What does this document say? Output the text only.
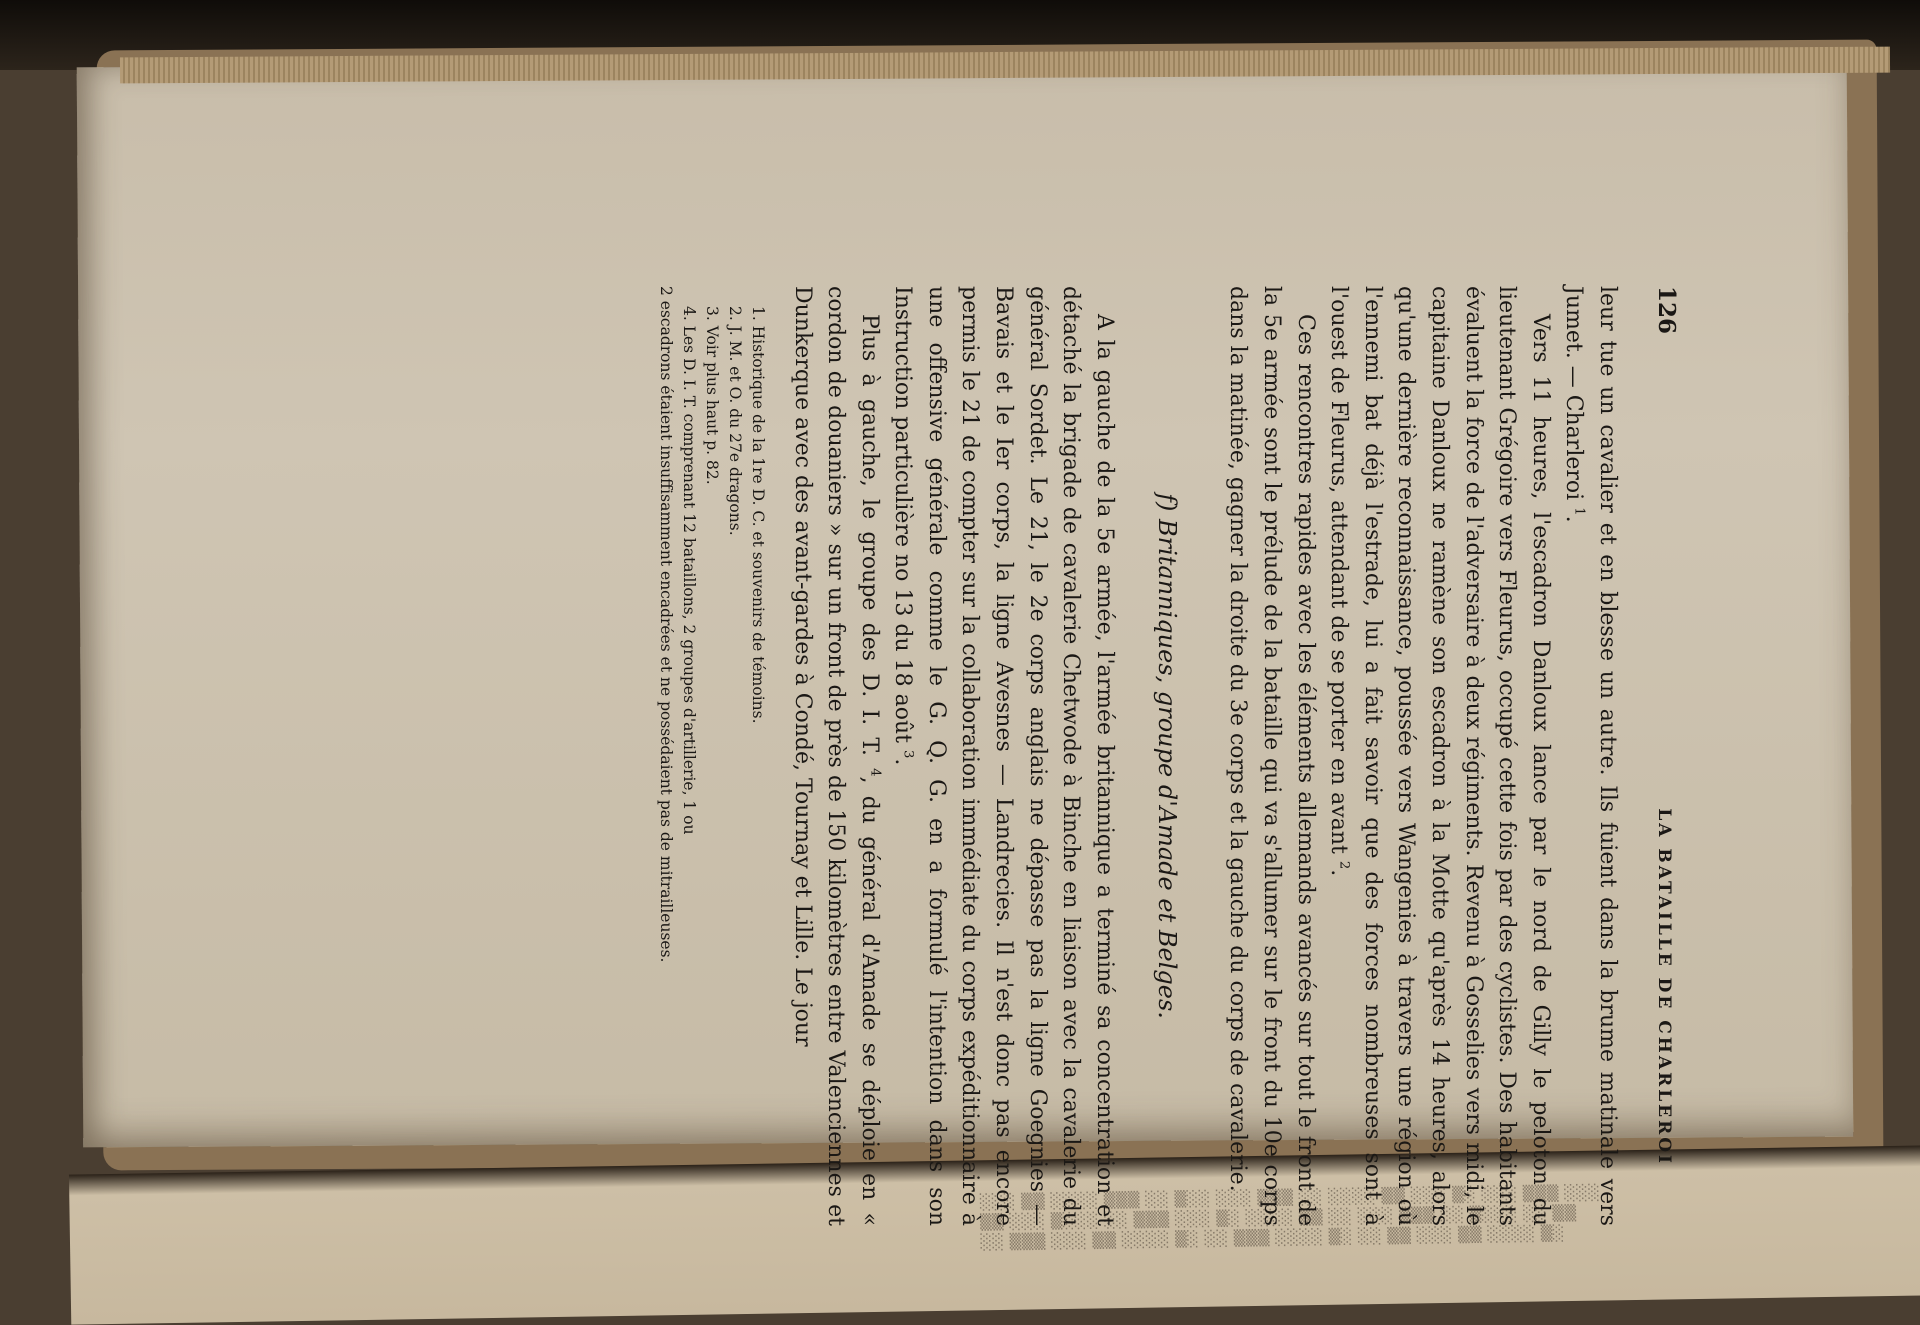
░░░ ▒▒ ░░░░ ▒▒▒ ░░ ▒░░ ░░░ ▒▒▒ ░░ ░░░░ ▒▒ ░░░ ▒░ ░░░ ▒▒▒ ░░░
▒▒ ░░░ ▒░░░ ░░ ▒▒▒ ░░░ ▒░ ░░░░ ▒▒ ░░ ░░░ ▒▒▒ ░░ ▒░░░ ░░ ▒▒
░░ ▒▒▒ ░░░ ▒▒ ░░░░ ▒░ ░░ ▒▒▒ ░░░░ ▒░ ░░ ▒▒ ░░░ ▒▒ ░░░░ ▒░
126
LA BATAILLE DE CHARLEROI

leur tue un cavalier et en blesse un autre. Ils fuient dans la brume matinale vers Jumet. — Charleroi $^1$.

Vers 11 heures, l'escadron Danloux lance par le nord de Gilly le peloton du lieutenant Grégoire vers Fleurus, occupé cette fois par des cyclistes. Des habitants évaluent la force de l'adversaire à deux régiments. Revenu à Gosselies vers midi, le capitaine Danloux ne ramène son escadron à la Motte qu'après 14 heures, alors qu'une dernière reconnaissance, poussée vers Wangenies à travers une région où l'ennemi bat déjà l'estrade, lui a fait savoir que des forces nombreuses sont à l'ouest de Fleurus, attendant de se porter en avant $^2$.

Ces rencontres rapides avec les éléments allemands avancés sur tout le front de la 5e armée sont le prélude de la bataille qui va s'allumer sur le front du 10e corps dans la matinée, gagner la droite du 3e corps et la gauche du corps de cavalerie.

f) Britanniques, groupe d'Amade et Belges.

A la gauche de la 5e armée, l'armée britannique a terminé sa concentration et détaché la brigade de cavalerie Chetwode à Binche en liaison avec la cavalerie du général Sordet. Le 21, le 2e corps anglais ne dépasse pas la ligne Goegnies — Bavais et le Ier corps, la ligne Avesnes — Landrecies. Il n'est donc pas encore permis le 21 de compter sur la collaboration immédiate du corps expéditionnaire à une offensive générale comme le G. Q. G. en a formulé l'intention dans son Instruction particulière no 13 du 18 août $^3$.

Plus à gauche, le groupe des D. I. T. $^4$, du général d'Amade se déploie en « cordon de douaniers » sur un front de près de 150 kilomètres entre Valenciennes et Dunkerque avec des avant-gardes à Condé, Tournay et Lille. Le jour

1. Historique de la 1re D. C. et souvenirs de témoins.

2. J. M. et O. du 27e dragons.

3. Voir plus haut p. 82.

4. Les D. I. T. comprenant 12 bataillons, 2 groupes d'artillerie, 1 ou

2 escadrons étaient insuffisamment encadrées et ne possédaient pas de mitrailleuses.
